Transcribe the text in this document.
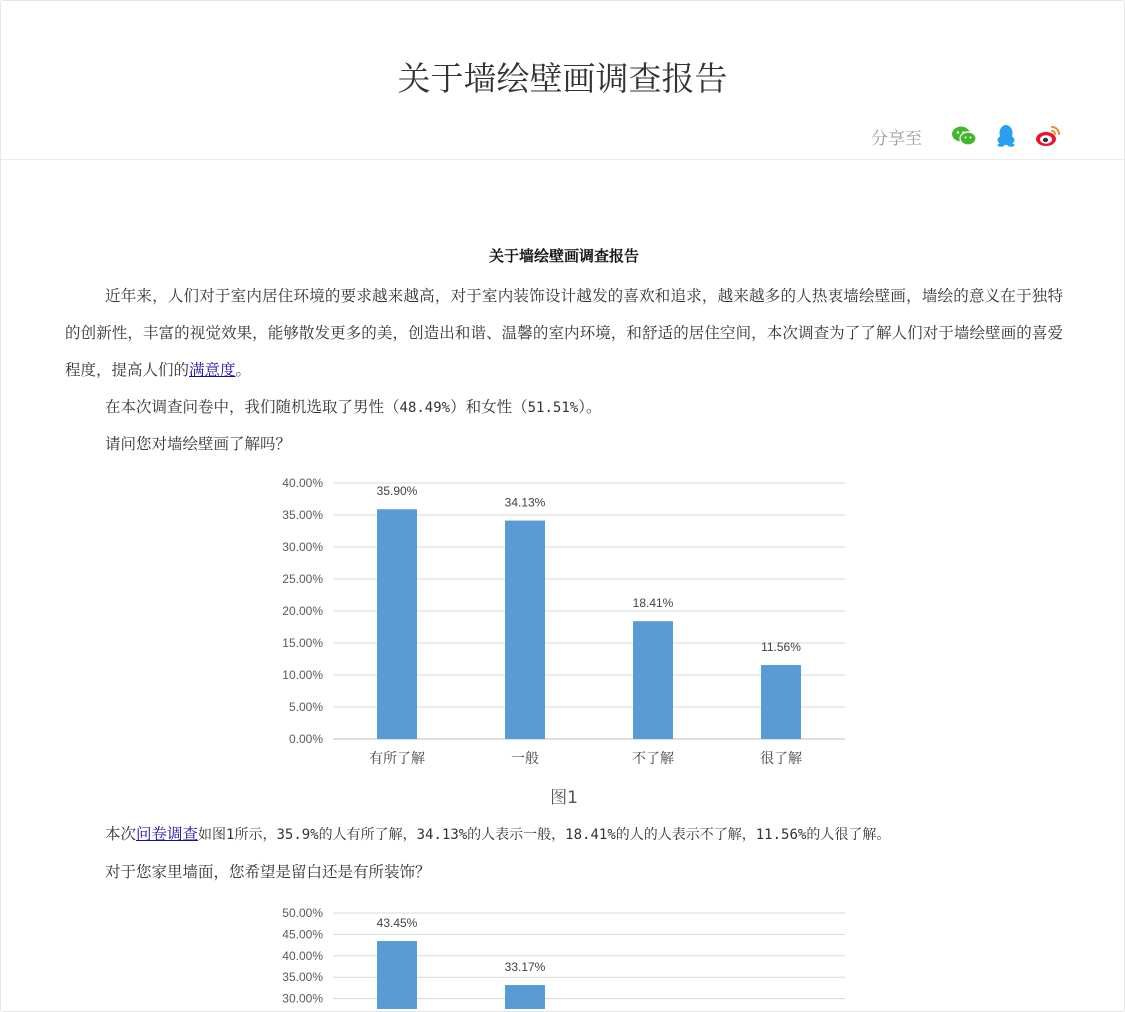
关于墙绘壁画调查报告
分享至
关于墙绘壁画调查报告
近年来，人们对于室内居住环境的要求越来越高，对于室内装饰设计越发的喜欢和追求，越来越多的人热衷墙绘壁画，墙绘的意义在于独特的创新性，丰富的视觉效果，能够散发更多的美，创造出和谐、温馨的室内环境，和舒适的居住空间，本次调查为了了解人们对于墙绘壁画的喜爱程度，提高人们的满意度。
在本次调查问卷中，我们随机选取了男性（48.49%）和女性（51.51%）。
请问您对墙绘壁画了解吗？
0.00%
5.00%
10.00%
15.00%
20.00%
25.00%
30.00%
35.00%
40.00%
35.90%
有所了解
34.13%
一般
18.41%
不了解
11.56%
很了解
图1
本次问卷调查如图1所示，35.9%的人有所了解，34.13%的人表示一般，18.41%的人的人表示不了解，11.56%的人很了解。
对于您家里墙面，您希望是留白还是有所装饰？
30.00%
35.00%
40.00%
45.00%
50.00%
43.45%
33.17%
